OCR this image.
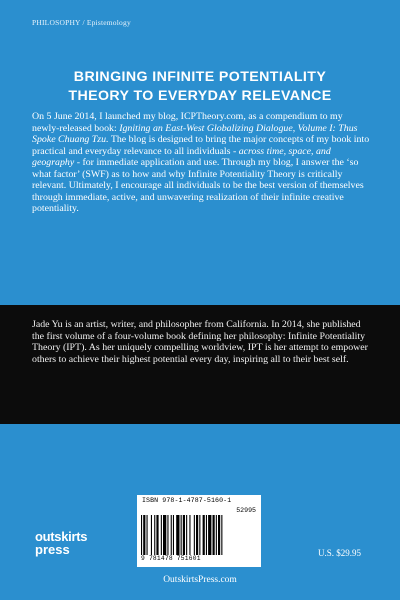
PHILOSOPHY / Epistemology
BRINGING INFINITE POTENTIALITY
THEORY TO EVERYDAY RELEVANCE
On 5 June 2014, I launched my blog, ICPTheory.com, as a compendium to my newly-released book: Igniting an East-West Globalizing Dialogue, Volume I: Thus Spoke Chuang Tzu. The blog is designed to bring the major concepts of my book into practical and everyday relevance to all individuals - across time, space, and geography - for immediate application and use. Through my blog, I answer the ‘so what factor’ (SWF) as to how and why Infinite Potentiality Theory is critically relevant. Ultimately, I encourage all individuals to be the best version of themselves through immediate, active, and unwavering realization of their infinite creative potentiality.
Jade Yu is an artist, writer, and philosopher from California. In 2014, she published the first volume of a four-volume book defining her philosophy: Infinite Potentiality Theory (IPT). As her uniquely compelling worldview, IPT is her attempt to empower others to achieve their highest potential every day, inspiring all to their best self.
ISBN 978-1-4787-5160-1
52995
9 781478 751601
outskirts
press	U.S. $29.95
OutskirtsPress.com
